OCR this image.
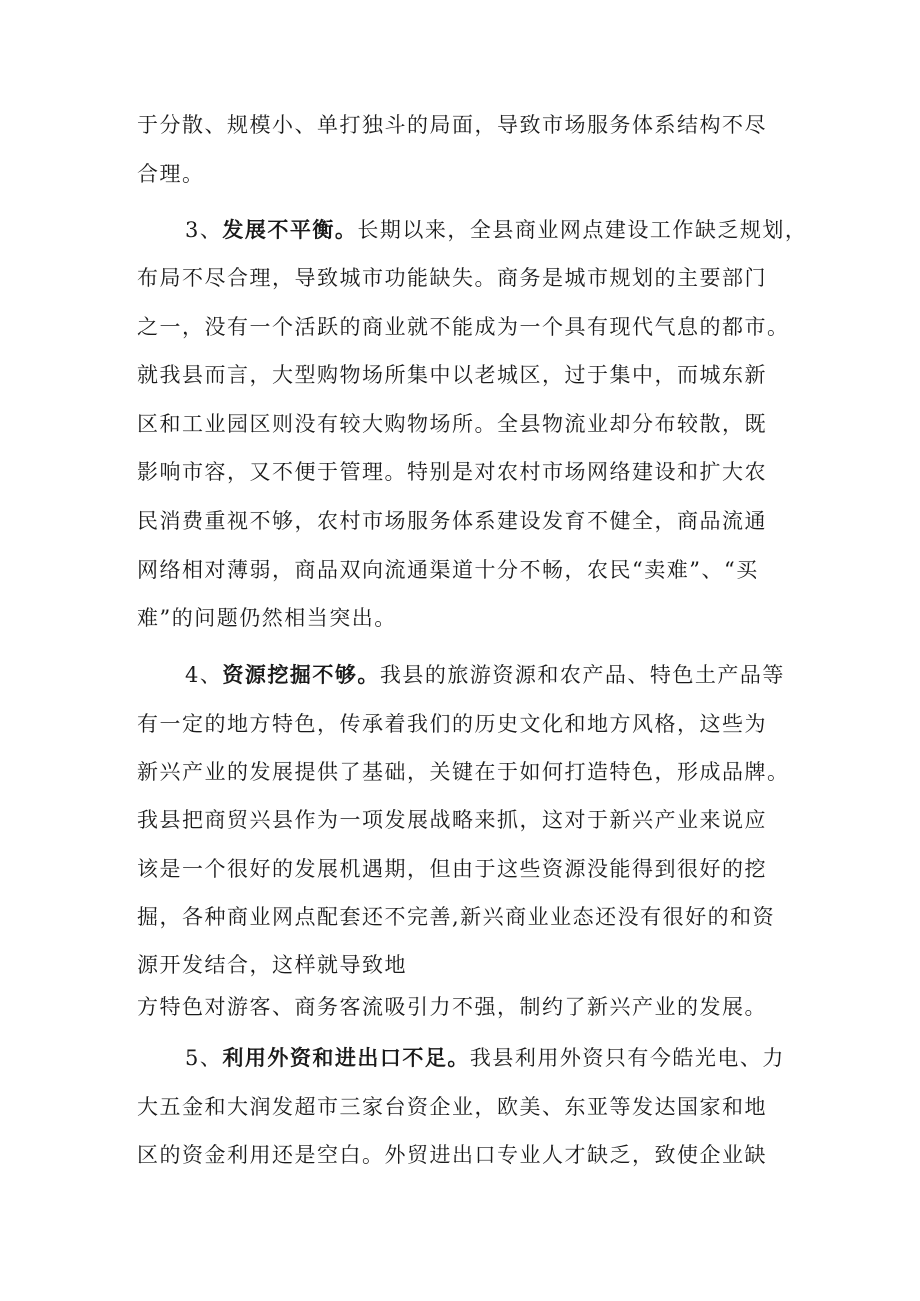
于分散、规模小、单打独斗的局面，导致市场服务体系结构不尽
合理。
3、发展不平衡。长期以来，全县商业网点建设工作缺乏规划，
布局不尽合理，导致城市功能缺失。商务是城市规划的主要部门
之一，没有一个活跃的商业就不能成为一个具有现代气息的都市。
就我县而言，大型购物场所集中以老城区，过于集中，而城东新
区和工业园区则没有较大购物场所。全县物流业却分布较散，既
影响市容，又不便于管理。特别是对农村市场网络建设和扩大农
民消费重视不够，农村市场服务体系建设发育不健全，商品流通
网络相对薄弱，商品双向流通渠道十分不畅，农民“卖难”、“买
难”的问题仍然相当突出。
4、资源挖掘不够。我县的旅游资源和农产品、特色土产品等
有一定的地方特色，传承着我们的历史文化和地方风格，这些为
新兴产业的发展提供了基础，关键在于如何打造特色，形成品牌。
我县把商贸兴县作为一项发展战略来抓，这对于新兴产业来说应
该是一个很好的发展机遇期，但由于这些资源没能得到很好的挖
掘，各种商业网点配套还不完善,新兴商业业态还没有很好的和资
源开发结合，这样就导致地
方特色对游客、商务客流吸引力不强，制约了新兴产业的发展。
5、利用外资和进出口不足。我县利用外资只有今皓光电、力
大五金和大润发超市三家台资企业，欧美、东亚等发达国家和地
区的资金利用还是空白。外贸进出口专业人才缺乏，致使企业缺
